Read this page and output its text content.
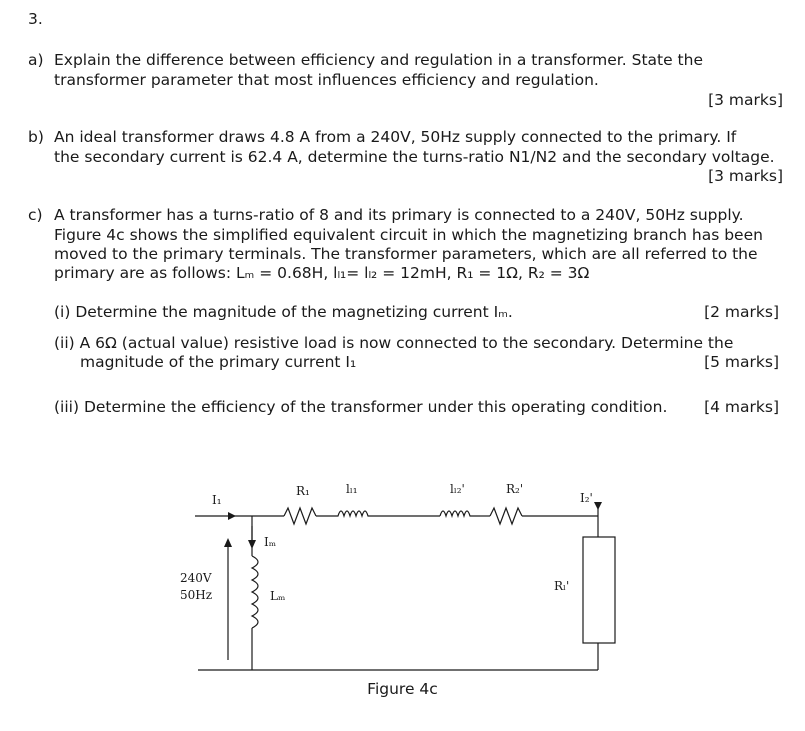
3.
a) Explain the difference between efficiency and regulation in a transformer. State the
transformer parameter that most influences efficiency and regulation.
[3 marks]
b) An ideal transformer draws 4.8 A from a 240V, 50Hz supply connected to the primary. If
the secondary current is 62.4 A, determine the turns-ratio N1/N2 and the secondary voltage.
[3 marks]
c) A transformer has a turns-ratio of 8 and its primary is connected to a 240V, 50Hz supply.
Figure 4c shows the simplified equivalent circuit in which the magnetizing branch has been
moved to the primary terminals. The transformer parameters, which are all referred to the
primary are as follows: Lₘ = 0.68H, lₗ₁= lₗ₂ = 12mH, R₁ = 1Ω, R₂ = 3Ω
(i) Determine the magnitude of the magnetizing current Iₘ.	[2 marks]
(ii) A 6Ω (actual value) resistive load is now connected to the secondary. Determine the
magnitude of the primary current I₁	[5 marks]
(iii) Determine the efficiency of the transformer under this operating condition. [4 marks]
I₁
R₁	lₗ₁	lₗ₂'	R₂'
I₂'
Iₘ
Lₘ
240V
50Hz
Rₗ'
Figure 4c
